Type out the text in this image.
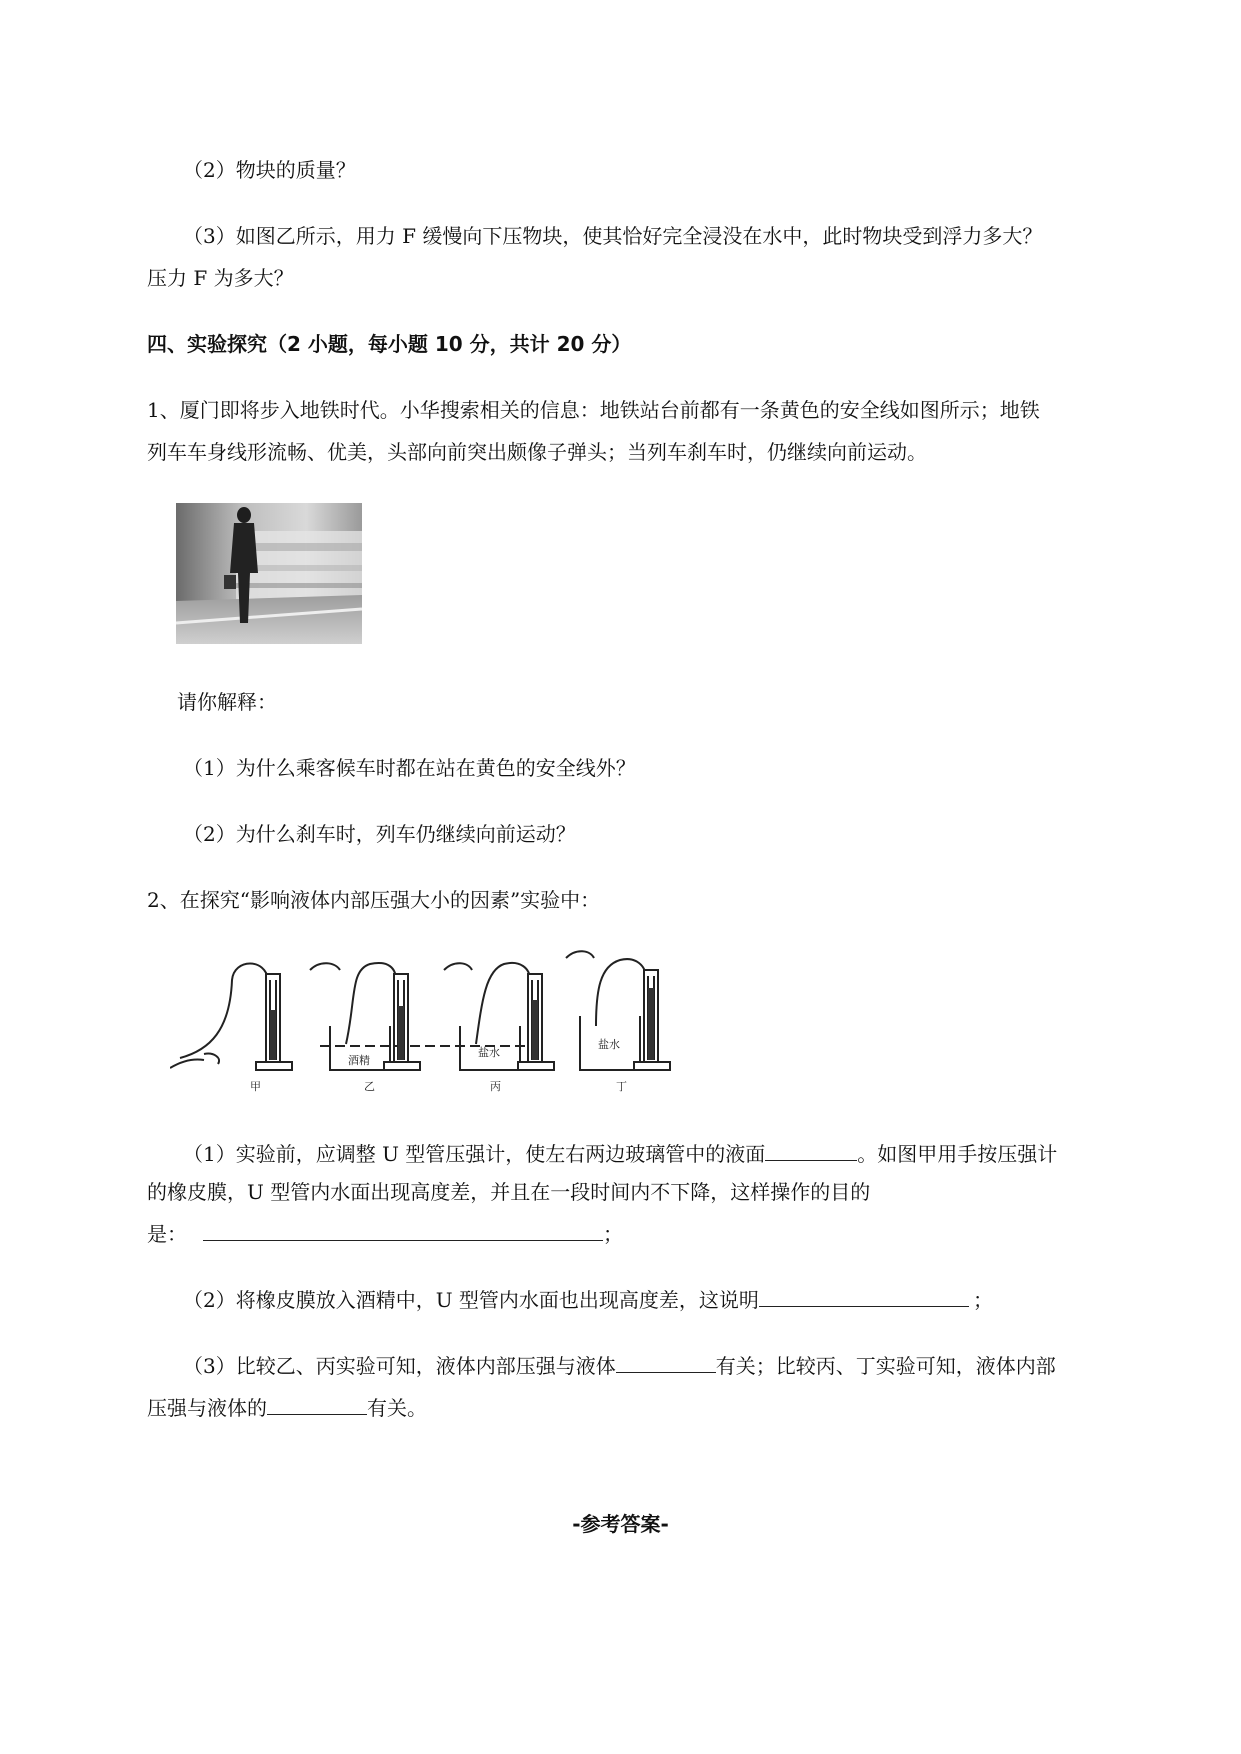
（2）物块的质量？
（3）如图乙所示，用力 F 缓慢向下压物块，使其恰好完全浸没在水中，此时物块受到浮力多大？
压力 F 为多大？
四、实验探究（2 小题，每小题 10 分，共计 20 分）
1、厦门即将步入地铁时代。小华搜索相关的信息：地铁站台前都有一条黄色的安全线如图所示；地铁
列车车身线形流畅、优美，头部向前突出颇像子弹头；当列车刹车时，仍继续向前运动。
请你解释：
（1）为什么乘客候车时都在站在黄色的安全线外？
（2）为什么刹车时，列车仍继续向前运动？
2、在探究“影响液体内部压强大小的因素”实验中：
甲	乙	丙	丁
酒精
盐水
盐水
（1）实验前，应调整 U 型管压强计，使左右两边玻璃管中的液面	。如图甲用手按压强计
的橡皮膜，U 型管内水面出现高度差，并且在一段时间内不下降，这样操作的目的
是：	；
（2）将橡皮膜放入酒精中，U 型管内水面也出现高度差，这说明	；
（3）比较乙、丙实验可知，液体内部压强与液体	有关；比较丙、丁实验可知，液体内部
压强与液体的	有关。
-参考答案-
